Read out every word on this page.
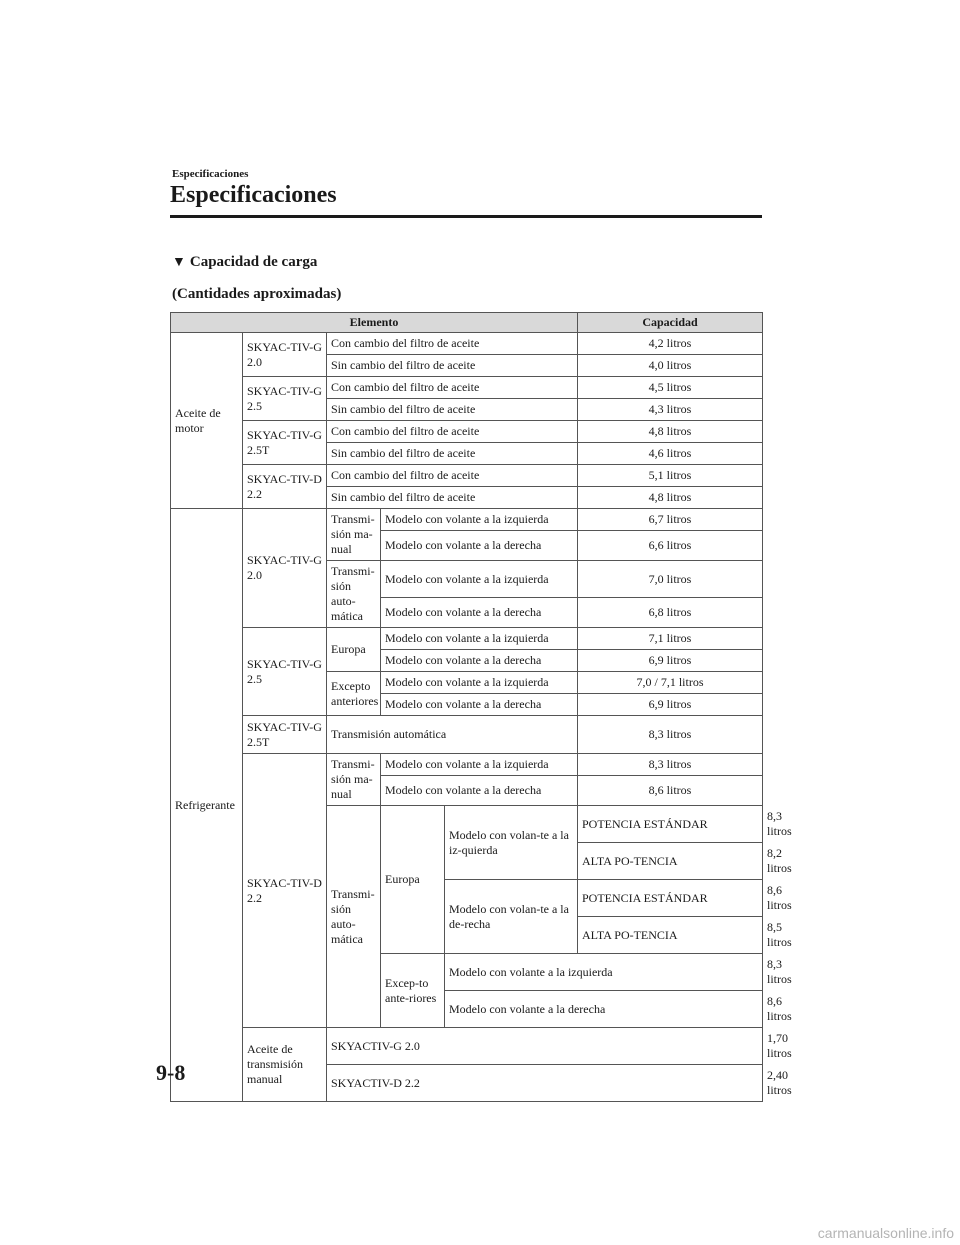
Especificaciones
Especificaciones
▼ Capacidad de carga
(Cantidades aproximadas)
Elemento					Capacidad	
Aceite de motor	SKYAC-TIV-G 2.0	Con cambio del filtro de aceite			4,2 litros	
		Sin cambio del filtro de aceite			4,0 litros	
	SKYAC-TIV-G 2.5	Con cambio del filtro de aceite			4,5 litros	
		Sin cambio del filtro de aceite			4,3 litros	
	SKYAC-TIV-G 2.5T	Con cambio del filtro de aceite			4,8 litros	
		Sin cambio del filtro de aceite			4,6 litros	
	SKYAC-TIV-D 2.2	Con cambio del filtro de aceite			5,1 litros	
		Sin cambio del filtro de aceite			4,8 litros	
Refrigerante	SKYAC-TIV-G 2.0	Transmi-sión ma-nual	Modelo con volante a la izquierda		6,7 litros	
			Modelo con volante a la derecha		6,6 litros	
		Transmi-sión auto-mática	Modelo con volante a la izquierda		7,0 litros	
			Modelo con volante a la derecha		6,8 litros	
	SKYAC-TIV-G 2.5	Europa	Modelo con volante a la izquierda		7,1 litros	
			Modelo con volante a la derecha		6,9 litros	
		Excepto anteriores	Modelo con volante a la izquierda		7,0 / 7,1 litros	
			Modelo con volante a la derecha		6,9 litros	
	SKYAC-TIV-G 2.5T	Transmisión automática			8,3 litros	
	SKYAC-TIV-D 2.2	Transmi-sión ma-nual	Modelo con volante a la izquierda		8,3 litros	
			Modelo con volante a la derecha		8,6 litros	
		Transmi-sión auto-mática	Europa	Modelo con volan-te a la iz-quierda	POTENCIA ESTÁNDAR	8,3 litros

					ALTA PO-TENCIA	8,2 litros
				Modelo con volan-te a la de-recha	POTENCIA ESTÁNDAR	8,6 litros

					ALTA PO-TENCIA	8,5 litros
			Excep-to ante-riores	Modelo con volante a la izquierda		8,3 litros
				Modelo con volante a la derecha		8,6 litros
	Aceite de transmisión manual	SKYACTIV-G 2.0				1,70 litros
		SKYACTIV-D 2.2				2,40 litros
9-8
carmanualsonline.info
